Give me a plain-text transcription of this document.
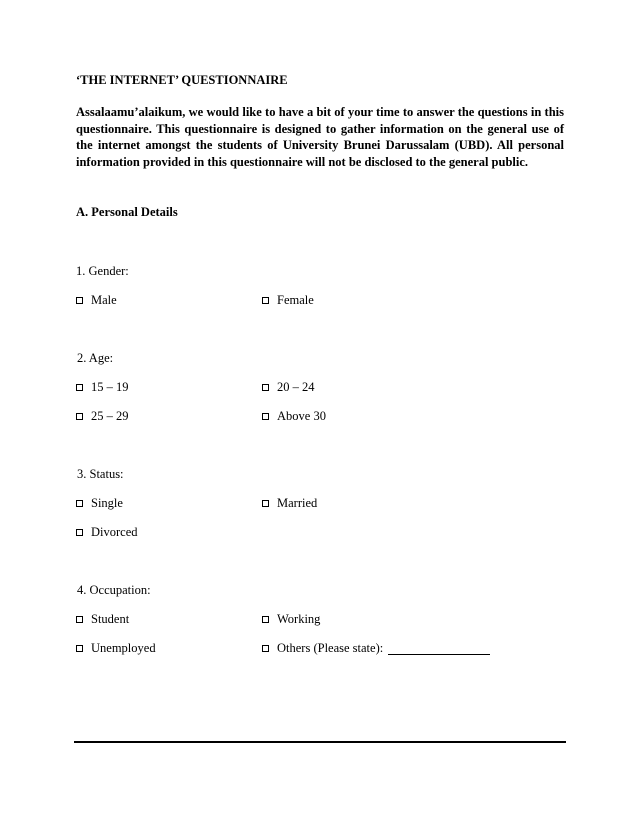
‘THE INTERNET’ QUESTIONNAIRE
Assalaamu’alaikum, we would like to have a bit of your time to answer the questions in this questionnaire. This questionnaire is designed to gather information on the general use of the internet amongst the students of University Brunei Darussalam (UBD). All personal information provided in this questionnaire will not be disclosed to the general public.
A. Personal Details
1. Gender:
Male	Female
2. Age:
15 – 19	20 – 24
25 – 29	Above 30
3. Status:
Single	Married
Divorced
4. Occupation:
Student	Working
Unemployed	Others (Please state):
